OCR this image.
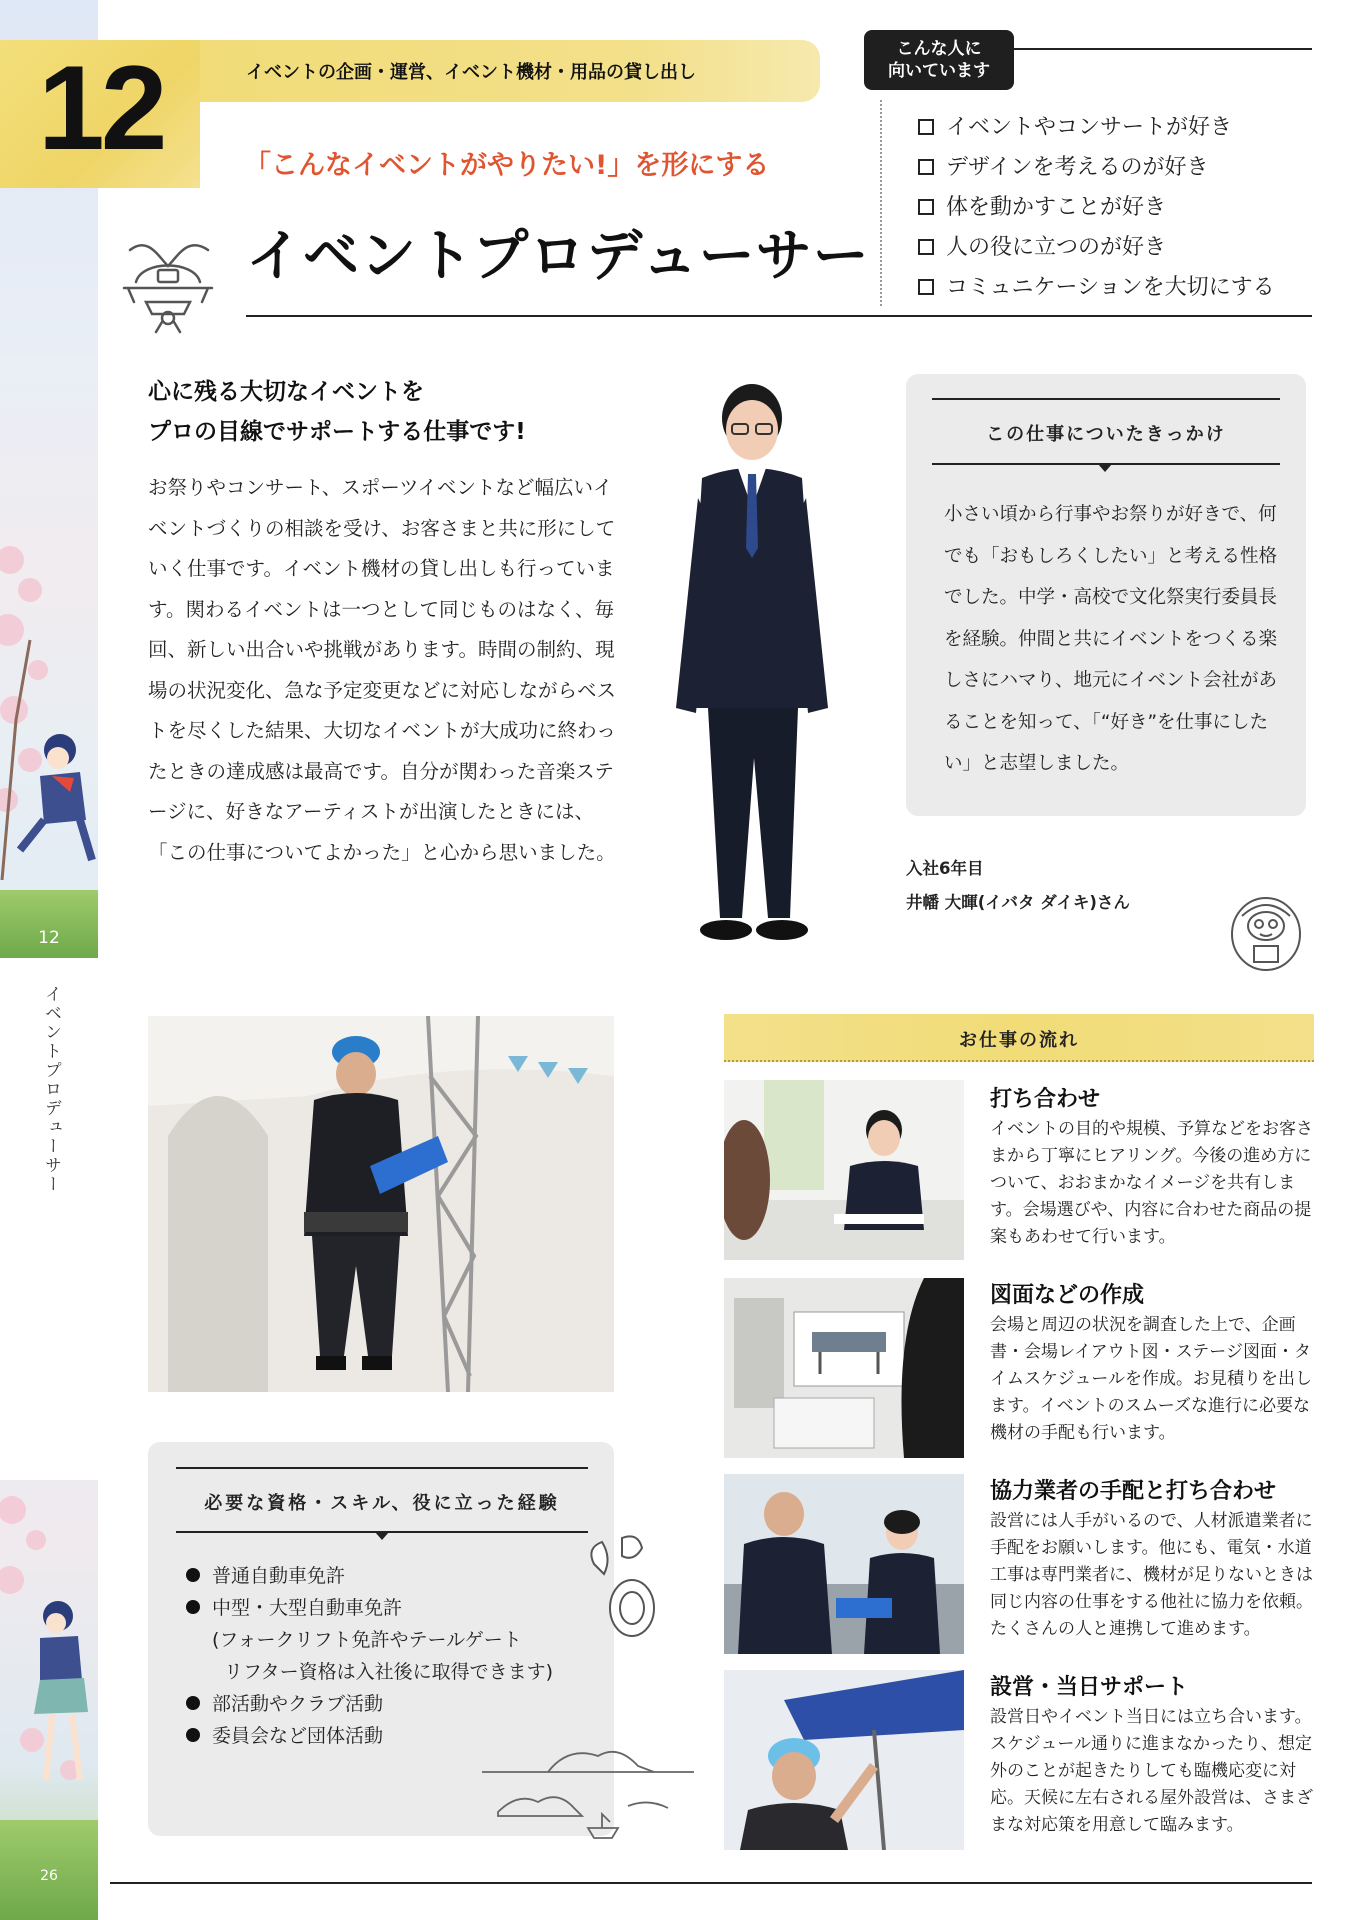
12
イベントプロデューサー
26
12	イベントの企画・運営、イベント機材・用品の貸し出し
「こんなイベントがやりたい!」を形にする
イベントプロデューサー
こんな人に
向いています
イベントやコンサートが好き
デザインを考えるのが好き
体を動かすことが好き
人の役に立つのが好き
コミュニケーションを大切にする
心に残る大切なイベントを
プロの目線でサポートする仕事です!
お祭りやコンサート、スポーツイベントなど幅広いイベントづくりの相談を受け、お客さまと共に形にしていく仕事です。イベント機材の貸し出しも行っています。関わるイベントは一つとして同じものはなく、毎回、新しい出合いや挑戦があります。時間の制約、現場の状況変化、急な予定変更などに対応しながらベストを尽くした結果、大切なイベントが大成功に終わったときの達成感は最高です。自分が関わった音楽ステージに、好きなアーティストが出演したときには、「この仕事についてよかった」と心から思いました。
この仕事についたきっかけ
小さい頃から行事やお祭りが好きで、何でも「おもしろくしたい」と考える性格でした。中学・高校で文化祭実行委員長を経験。仲間と共にイベントをつくる楽しさにハマり、地元にイベント会社があることを知って、「“好き”を仕事にしたい」と志望しました。
入社6年目
井幡 大暉(イバタ ダイキ)さん
必要な資格・スキル、役に立った経験
普通自動車免許
中型・大型自動車免許
(フォークリフト免許やテールゲート
リフター資格は入社後に取得できます)
部活動やクラブ活動
委員会など団体活動
お仕事の流れ
打ち合わせ
イベントの目的や規模、予算などをお客さまから丁寧にヒアリング。今後の進め方について、おおまかなイメージを共有します。会場選びや、内容に合わせた商品の提案もあわせて行います。
図面などの作成
会場と周辺の状況を調査した上で、企画書・会場レイアウト図・ステージ図面・タイムスケジュールを作成。お見積りを出します。イベントのスムーズな進行に必要な機材の手配も行います。
協力業者の手配と打ち合わせ
設営には人手がいるので、人材派遣業者に手配をお願いします。他にも、電気・水道工事は専門業者に、機材が足りないときは同じ内容の仕事をする他社に協力を依頼。たくさんの人と連携して進めます。
設営・当日サポート
設営日やイベント当日には立ち合います。スケジュール通りに進まなかったり、想定外のことが起きたりしても臨機応変に対応。天候に左右される屋外設営は、さまざまな対応策を用意して臨みます。
